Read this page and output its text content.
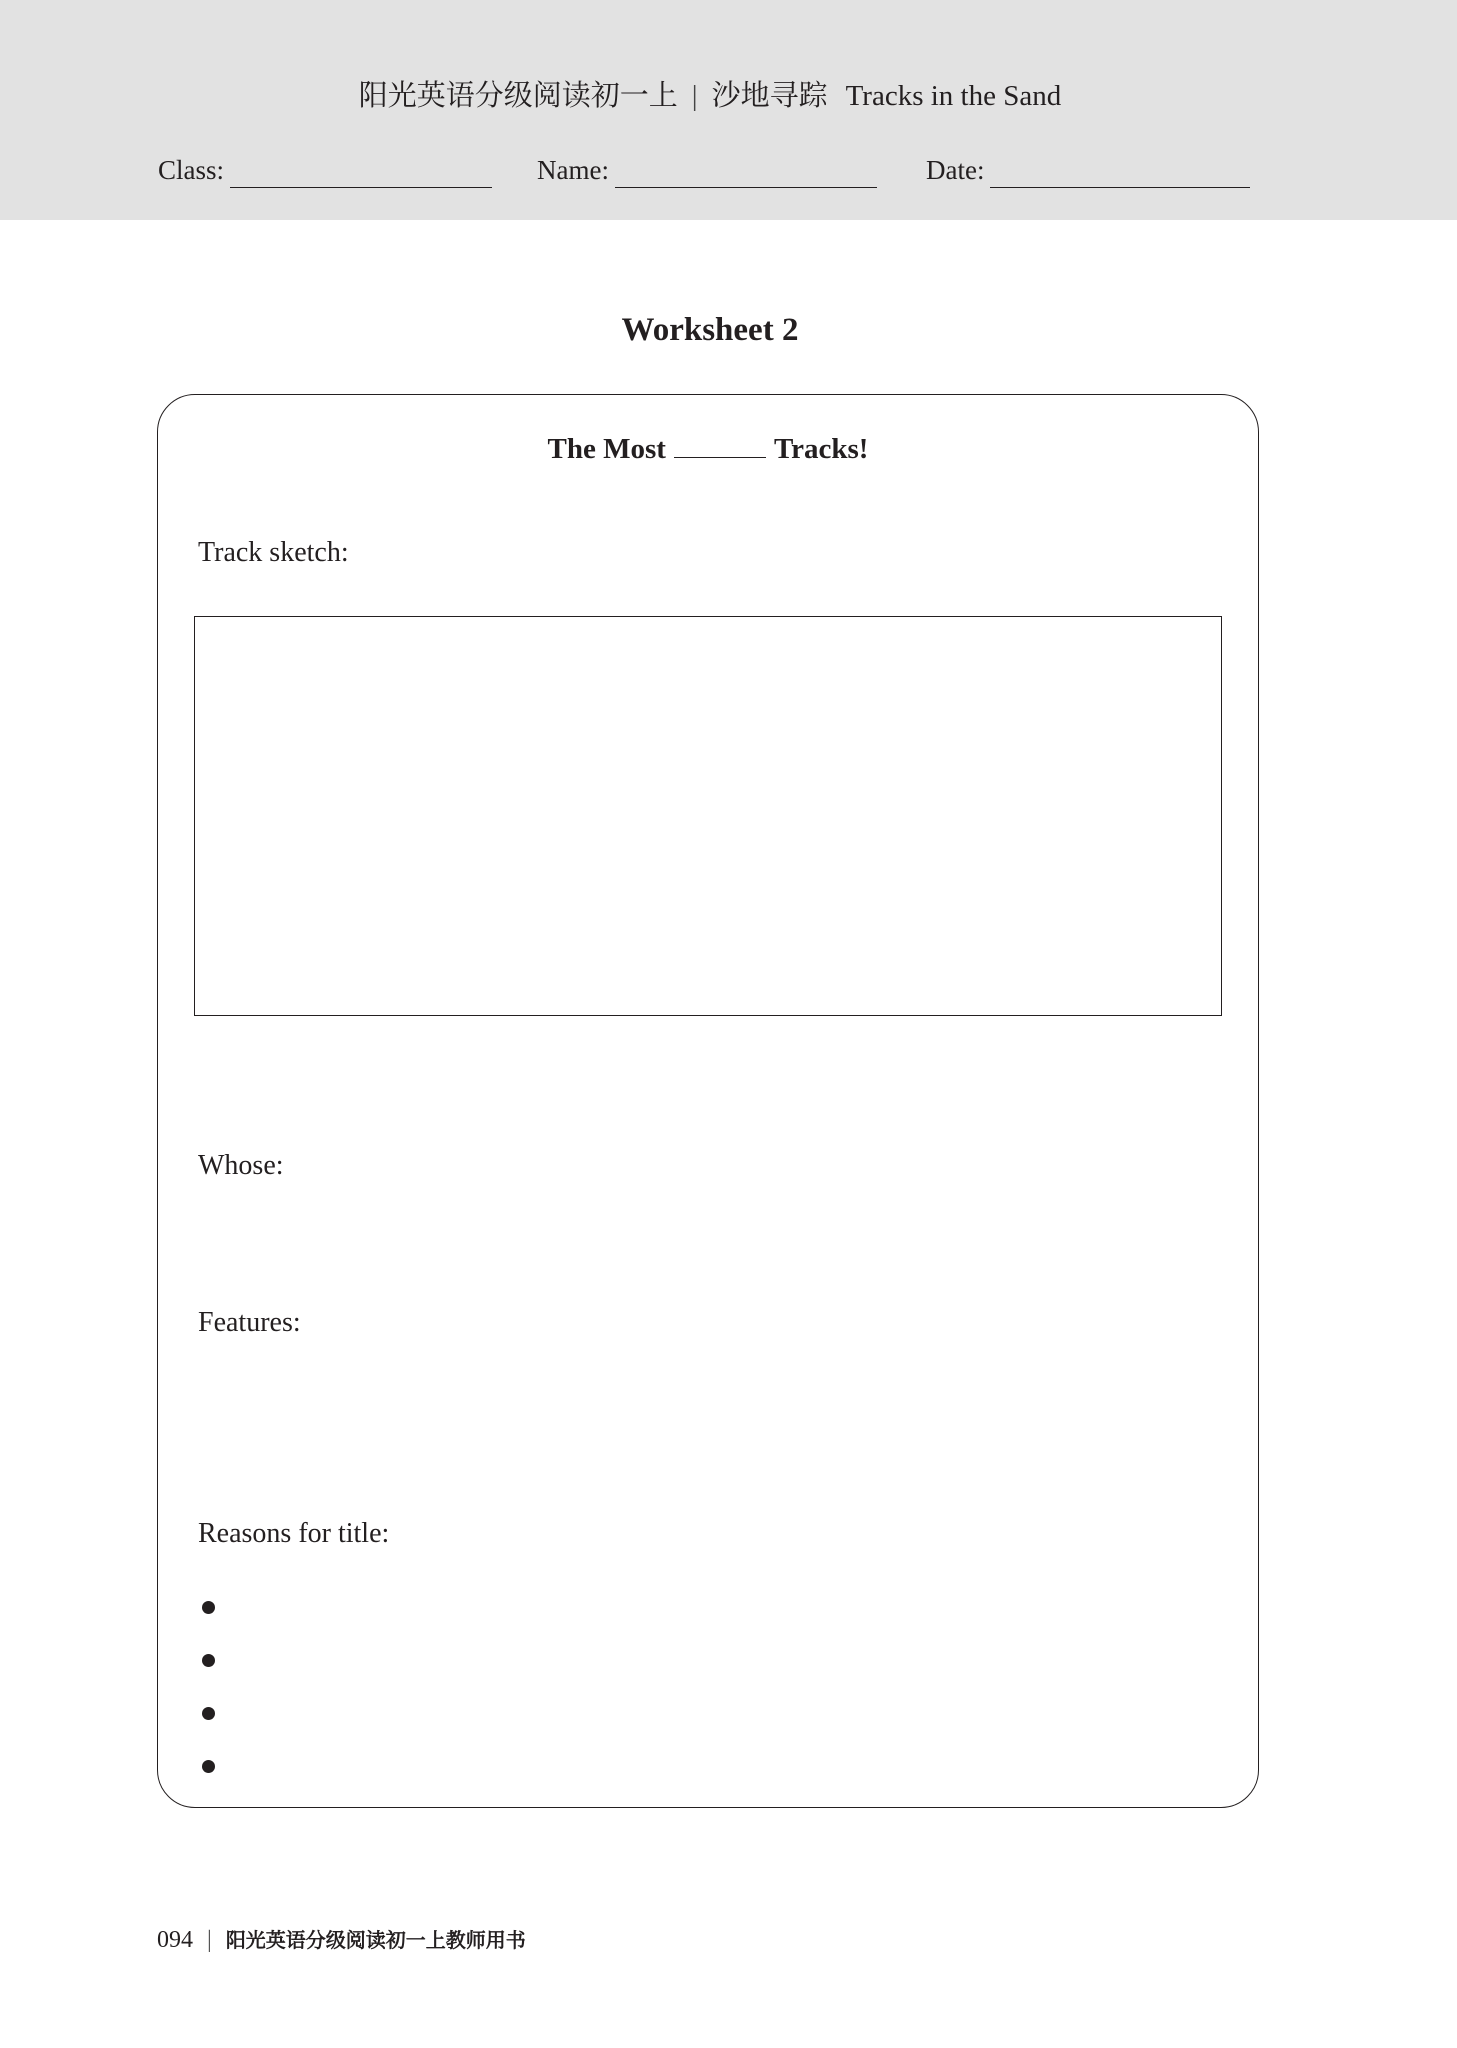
阳光英语分级阅读初一上 | 沙地寻踪 Tracks in the Sand
Class:	Name:	Date:
Worksheet 2
The Most	Tracks!
Track sketch:
Whose:
Features:
Reasons for title:
094 | 阳光英语分级阅读初一上教师用书
